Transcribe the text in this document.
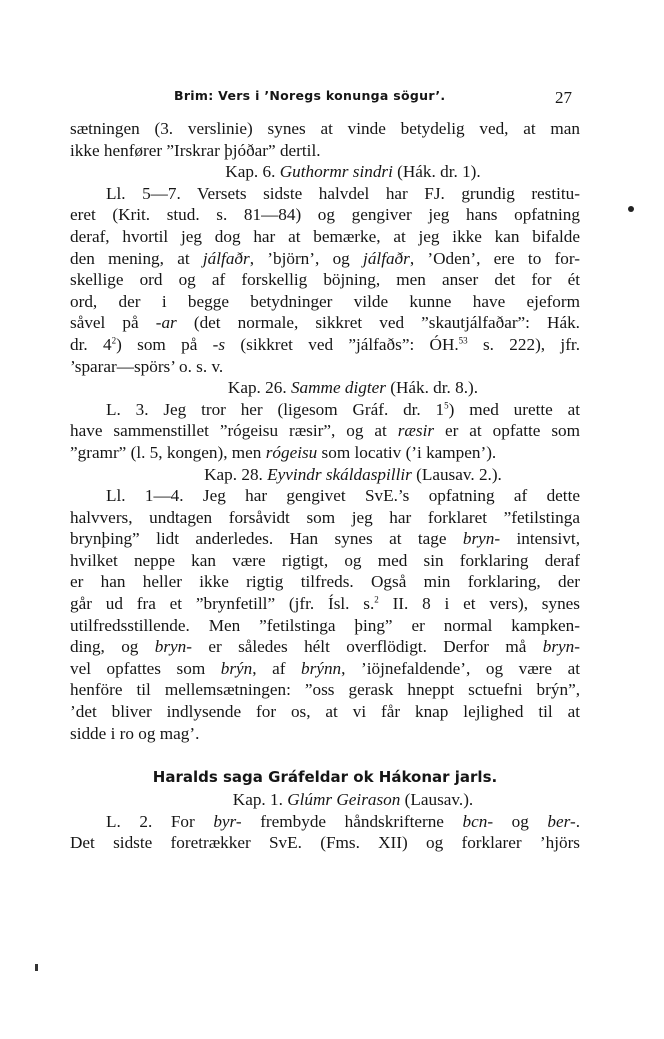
Brim: Vers i ’Noregs konunga sögur’.	27
sætningen (3. verslinie) synes at vinde betydelig ved, at man
ikke henfører ”Irskrar þjóðar” dertil.
Kap. 6. Guthormr sindri (Hák. dr. 1).
Ll. 5—7. Versets sidste halvdel har FJ. grundig restitu-
eret (Krit. stud. s. 81—84) og gengiver jeg hans opfatning
deraf, hvortil jeg dog har at bemærke, at jeg ikke kan bifalde
den mening, at jálfaðr, ’björn’, og jálfaðr, ’Oden’, ere to for-
skellige ord og af forskellig böjning, men anser det for ét
ord, der i begge betydninger vilde kunne have ejeform
såvel på -ar (det normale, sikkret ved ”skautjálfaðar”: Hák.
dr. $4^2$) som på -s (sikkret ved ”jálfaðs”: ÓH.$^{53}$ s. 222), jfr.
’sparar—spörs’ o. s. v.
Kap. 26. Samme digter (Hák. dr. 8.).
L. 3. Jeg tror her (ligesom Gráf. dr. $1^5$) med urette at
have sammenstillet ”rógeisu ræsir”, og at ræsir er at opfatte som
”gramr” (l. 5, kongen), men rógeisu som locativ (’i kampen’).
Kap. 28. Eyvindr skáldaspillir (Lausav. 2.).
Ll. 1—4. Jeg har gengivet SvE.’s opfatning af dette
halvvers, undtagen forsåvidt som jeg har forklaret ”fetilstinga
brynþing” lidt anderledes. Han synes at tage bryn- intensivt,
hvilket neppe kan være rigtigt, og med sin forklaring deraf
er han heller ikke rigtig tilfreds. Også min forklaring, der
går ud fra et ”brynfetill” (jfr. Ísl. s.$^2$ II. 8 i et vers), synes
utilfredsstillende. Men ”fetilstinga þing” er normal kampken-
ding, og bryn- er således hélt overflödigt. Derfor må bryn-
vel opfattes som brýn, af brýnn, ’iöjnefaldende’, og være at
henföre til mellemsætningen: ”oss gerask hneppt sctuefni brýn”,
’det bliver indlysende for os, at vi får knap lejlighed til at
sidde i ro og mag’.
Haralds saga Gráfeldar ok Hákonar jarls.
Kap. 1. Glúmr Geirason (Lausav.).
L. 2. For byr- frembyde håndskrifterne bcn- og ber-.
Det sidste foretrækker SvE. (Fms. XII) og forklarer ’hjörs
